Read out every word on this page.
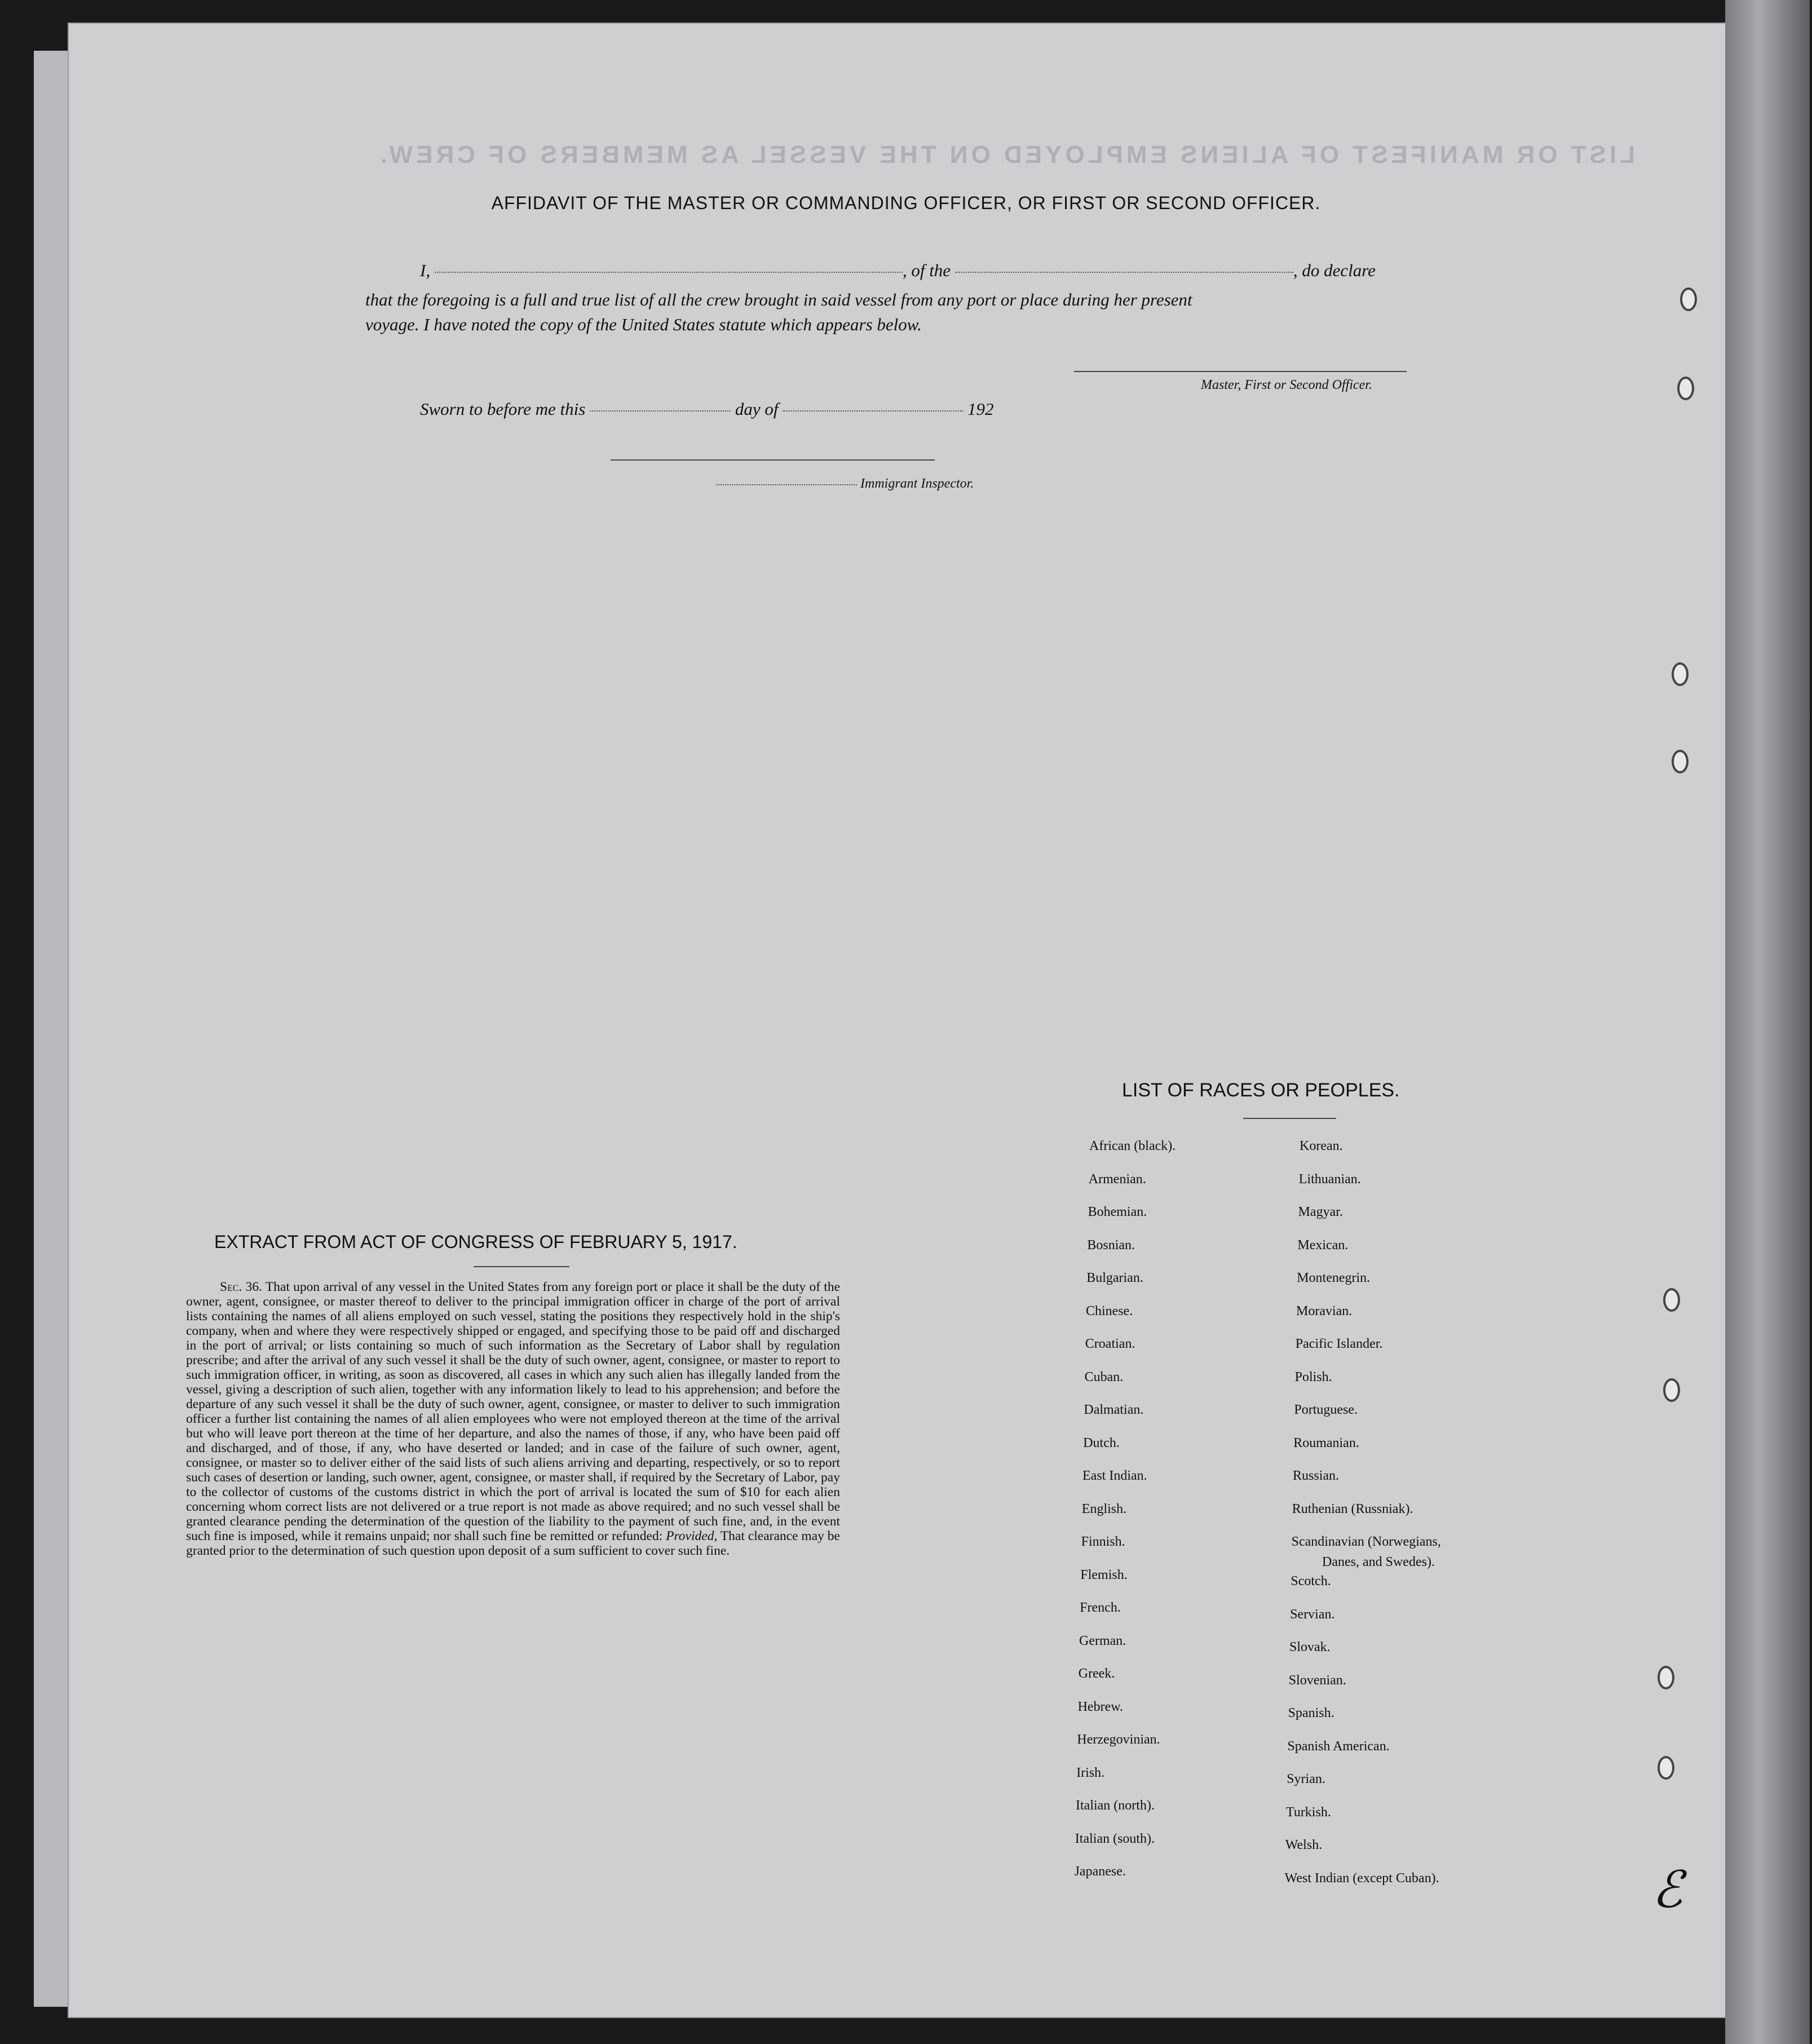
LIST OR MANIFEST OF ALIENS EMPLOYED ON THE VESSEL AS MEMBERS OF CREW.
AFFIDAVIT OF THE MASTER OR COMMANDING OFFICER, OR FIRST OR SECOND OFFICER.
I,	, of the	, do declare
that the foregoing is a full and true list of all the crew brought in said vessel from any port or place during her present
voyage. I have noted the copy of the United States statute which appears below.
Master, First or Second Officer.
Sworn to before me this	day of	192
Immigrant Inspector.
EXTRACT FROM ACT OF CONGRESS OF FEBRUARY 5, 1917.
Sec. 36. That upon arrival of any vessel in the United States from any foreign port or place it shall be the duty of the owner, agent, consignee, or master thereof to deliver to the principal immigration officer in charge of the port of arrival lists containing the names of all aliens employed on such vessel, stating the positions they respectively hold in the ship's company, when and where they were respectively shipped or engaged, and specifying those to be paid off and discharged in the port of arrival; or lists containing so much of such information as the Secretary of Labor shall by regulation prescribe; and after the arrival of any such vessel it shall be the duty of such owner, agent, consignee, or master to report to such immigration officer, in writing, as soon as discovered, all cases in which any such alien has illegally landed from the vessel, giving a description of such alien, together with any information likely to lead to his apprehension; and before the departure of any such vessel it shall be the duty of such owner, agent, consignee, or master to deliver to such immigration officer a further list containing the names of all alien employees who were not employed thereon at the time of the arrival but who will leave port thereon at the time of her departure, and also the names of those, if any, who have been paid off and discharged, and of those, if any, who have deserted or landed; and in case of the failure of such owner, agent, consignee, or master so to deliver either of the said lists of such aliens arriving and departing, respectively, or so to report such cases of desertion or landing, such owner, agent, consignee, or master shall, if required by the Secretary of Labor, pay to the collector of customs of the customs district in which the port of arrival is located the sum of $10 for each alien concerning whom correct lists are not delivered or a true report is not made as above required; and no such vessel shall be granted clearance pending the determination of the question of the liability to the payment of such fine, and, in the event such fine is imposed, while it remains unpaid; nor shall such fine be remitted or refunded: Provided, That clearance may be granted prior to the determination of such question upon deposit of a sum sufficient to cover such fine.
LIST OF RACES OR PEOPLES.
African (black).
Armenian.
Bohemian.
Bosnian.
Bulgarian.
Chinese.
Croatian.
Cuban.
Dalmatian.
Dutch.
East Indian.
English.
Finnish.
Flemish.
French.
German.
Greek.
Hebrew.
Herzegovinian.
Irish.
Italian (north).
Italian (south).
Japanese.
Korean.
Lithuanian.
Magyar.
Mexican.
Montenegrin.
Moravian.
Pacific Islander.
Polish.
Portuguese.
Roumanian.
Russian.
Ruthenian (Russniak).
Scandinavian (Norwegians,
Scotch.
Servian.
Slovak.
Slovenian.
Spanish.
Spanish American.
Syrian.
Turkish.
Welsh.
West Indian (except Cuban).
Danes, and Swedes).
ℰ
